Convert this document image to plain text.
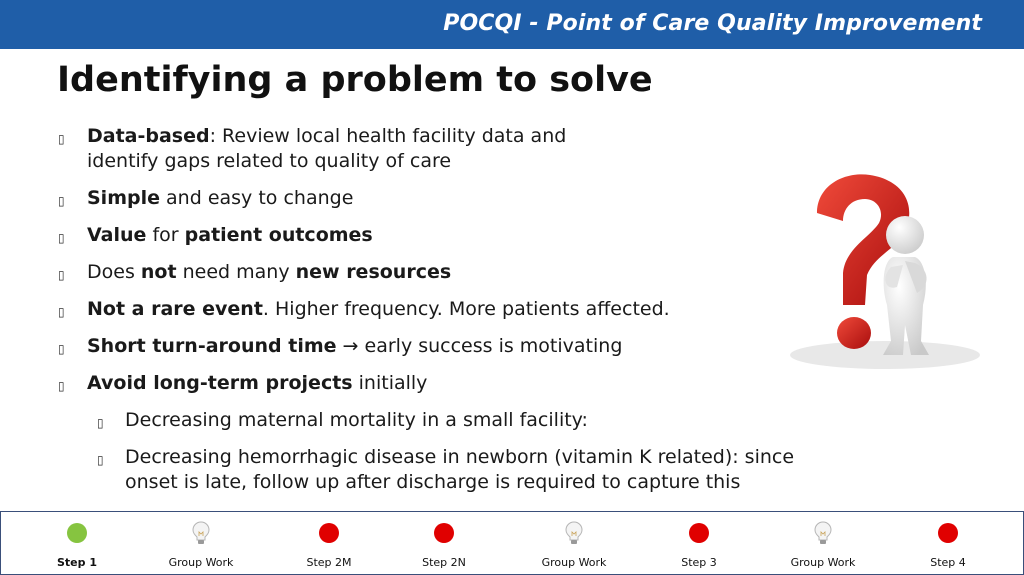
POCQI - Point of Care Quality Improvement
Identifying a problem to solve
▯ Data-based: Review local health facility data and identify gaps related to quality of care
▯ Simple and easy to change
▯ Value for patient outcomes
▯ Does not need many new resources
▯ Not a rare event. Higher frequency. More patients affected.
▯ Short turn-around time → early success is motivating
▯ Avoid long-term projects initially
▯ Decreasing maternal mortality in a small facility:
▯ Decreasing hemorrhagic disease in newborn (vitamin K related): since onset is late, follow up after discharge is required to capture this
Step 1	Group Work	Step 2M	Step 2N	Group Work	Step 3	Group Work	Step 4
